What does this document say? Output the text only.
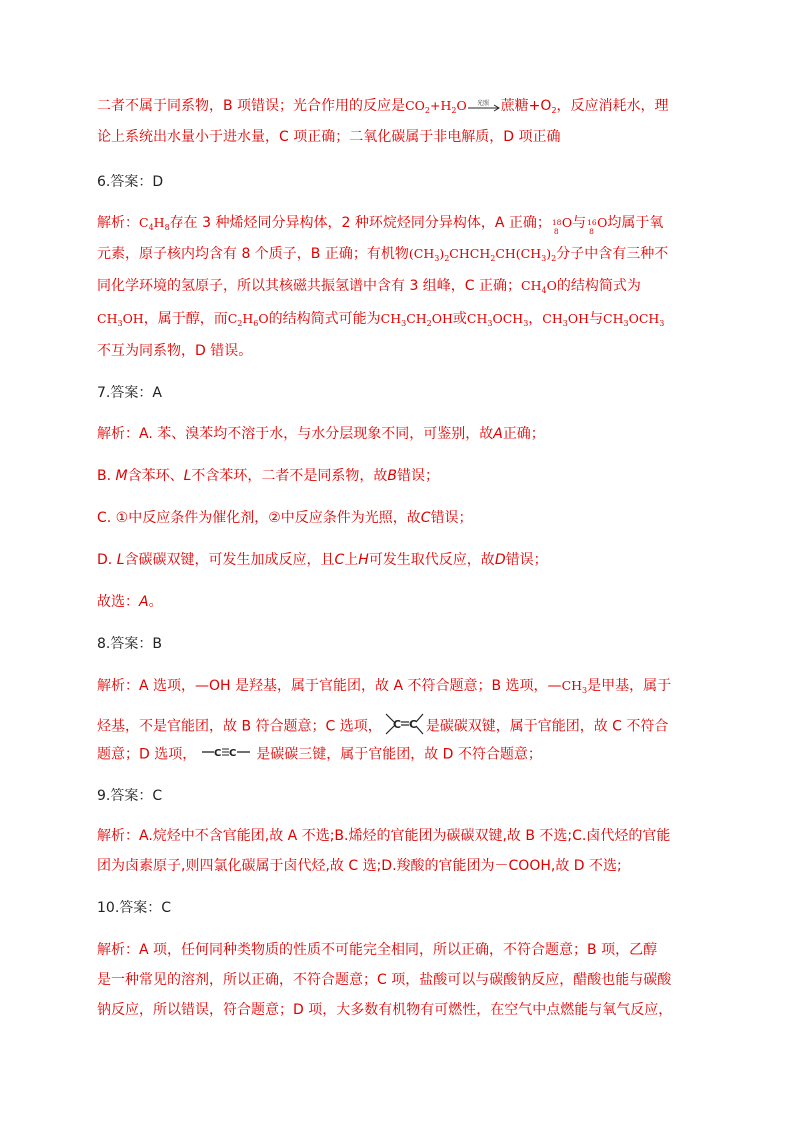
二者不属于同系物，B 项错误；光合作用的反应是$CO_2+H_2O$ 光照 蔗糖$+O_2$，反应消耗水，理
论上系统出水量小于进水量，C 项正确；二氧化碳属于非电解质，D 项正确
6.答案：D
解析：$C_4H_8$存在 3 种烯烃同分异构体，2 种环烷烃同分异构体，A 正确； 18
8
O与 16
8
O均属于氧
元素，原子核内均含有 8 个质子，B 正确；有机物$(CH_3)_2CHCH_2CH(CH_3)_2$分子中含有三种不
同化学环境的氢原子，所以其核磁共振氢谱中含有 3 组峰，C 正确；$CH_4O$的结构简式为
$CH_3OH$，属于醇，而$C_2H_6O$的结构简式可能为$CH_3CH_2OH$或$CH_3OCH_3$，$CH_3OH$与$CH_3OCH_3$
不互为同系物，D 错误。
7.答案：A
解析：A. 苯、溴苯均不溶于水，与水分层现象不同，可鉴别，故A正确；
B. M含苯环、L不含苯环，二者不是同系物，故B错误；
C. ①中反应条件为催化剂，②中反应条件为光照，故C错误；
D. L含碳碳双键，可发生加成反应，且C上H可发生取代反应，故D错误；
故选：A。
8.答案：B
解析：A 选项，—OH 是羟基，属于官能团，故 A 不符合题意；B 选项，$—CH_3$是甲基，属于
烃基，不是官能团，故 B 符合题意；C 选项， C C 是碳碳双键，属于官能团，故 C 不符合
题意；D 选项， C C 是碳碳三键，属于官能团，故 D 不符合题意；
9.答案：C
解析：A.烷烃中不含官能团,故 A 不选;B.烯烃的官能团为碳碳双键,故 B 不选;C.卤代烃的官能
团为卤素原子,则四氯化碳属于卤代烃,故 C 选;D.羧酸的官能团为－COOH,故 D 不选;
10.答案：C
解析：A 项，任何同种类物质的性质不可能完全相同，所以正确，不符合题意；B 项，乙醇
是一种常见的溶剂，所以正确，不符合题意；C 项，盐酸可以与碳酸钠反应，醋酸也能与碳酸
钠反应，所以错误，符合题意；D 项，大多数有机物有可燃性，在空气中点燃能与氧气反应，
